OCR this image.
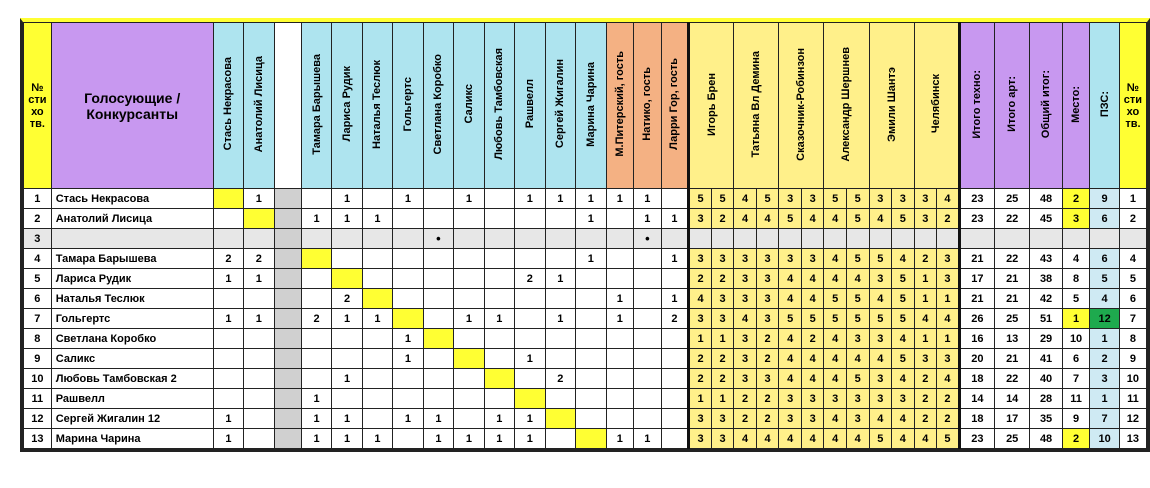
№ сти хо тв.	Голосующие / Конкурсанты	Стась Некрасова	Анатолий Лисица		Тамара Барышева	Лариса Рудик	Наталья Теслюк	Гольгертс	Светлана Коробко	Саликс	Любовь Тамбовская	Рашвелл	Сергей Жигалин	Марина Чарина	М.Питерский, гость	Натико, гость	Ларри Гор, гость	Игорь Брен		Татьяна Вл Демина		Сказочник-Робинзон		Александр Шершнев		Эмили Шантэ		Челябинск		Итого техно:	Итого арт:	Общий итог:	Место:	ПЗС:	№ сти хо тв.
1	Стась Некрасова		1			1		1		1		1	1	1	1	1		5	5	4	5	3	3	5	5	3	3	3	4	23	25	48	2	9	1
2	Анатолий Лисица				1	1	1							1		1	1	3	2	4	4	5	4	4	5	4	5	3	2	23	22	45	3	6	2
3									•							•																			
4	Тамара Барышева	2	2											1			1	3	3	3	3	3	3	4	5	5	4	2	3	21	22	43	4	6	4
5	Лариса Рудик	1	1									2	1					2	2	3	3	4	4	4	4	3	5	1	3	17	21	38	8	5	5
6	Наталья Теслюк					2									1		1	4	3	3	3	4	4	5	5	4	5	1	1	21	21	42	5	4	6
7	Гольгертс	1	1		2	1	1			1	1		1		1		2	3	3	4	3	5	5	5	5	5	5	4	4	26	25	51	1	12	7
8	Светлана Коробко							1										1	1	3	2	4	2	4	3	3	4	1	1	16	13	29	10	1	8
9	Саликс							1				1						2	2	3	2	4	4	4	4	4	5	3	3	20	21	41	6	2	9
10	Любовь Тамбовская 2					1							2					2	2	3	3	4	4	4	5	3	4	2	4	18	22	40	7	3	10
11	Рашвелл				1													1	1	2	2	3	3	3	3	3	3	2	2	14	14	28	11	1	11
12	Сергей Жигалин 12	1			1	1		1	1		1	1						3	3	2	2	3	3	4	3	4	4	2	2	18	17	35	9	7	12
13	Марина Чарина	1			1	1	1		1	1	1	1			1	1		3	3	4	4	4	4	4	4	5	4	4	5	23	25	48	2	10	13
